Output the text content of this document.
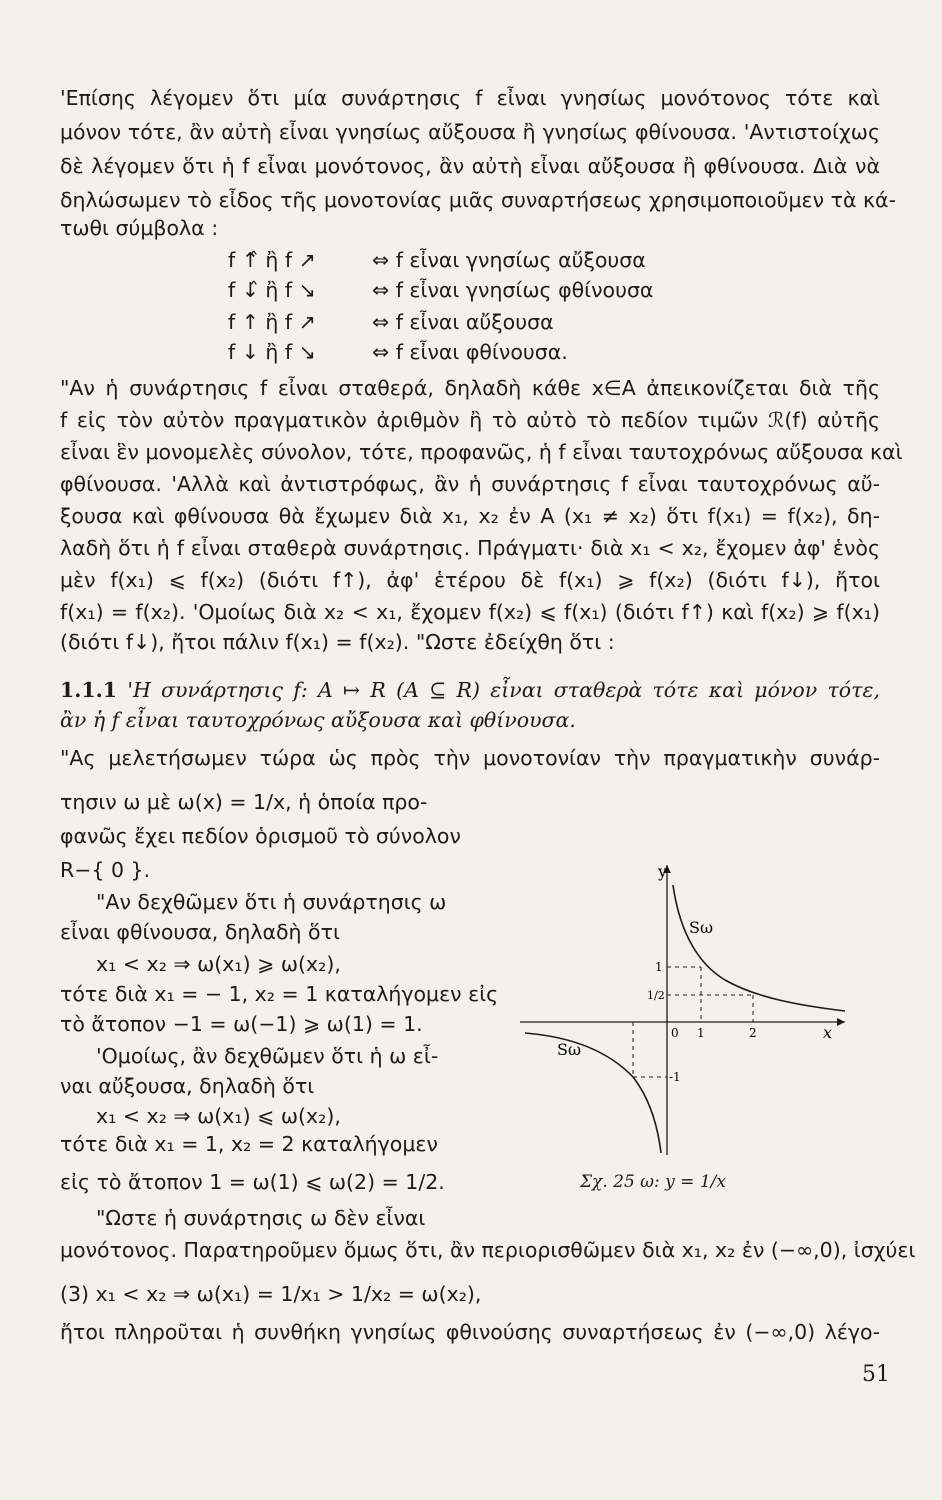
'Επίσης λέγομεν ὅτι μία συνάρτησις f εἶναι γνησίως μονότονος τότε καὶ
μόνον τότε, ἂν αὐτὴ εἶναι γνησίως αὔξουσα ἢ γνησίως φθίνουσα. 'Αντιστοίχως
δὲ λέγομεν ὅτι ἡ f εἶναι μονότονος, ἂν αὐτὴ εἶναι αὔξουσα ἢ φθίνουσα. Διὰ νὰ
δηλώσωμεν τὸ εἶδος τῆς μονοτονίας μιᾶς συναρτήσεως χρησιμοποιοῦμεν τὰ κά-
τωθι σύμβολα :
f ↑̂ ἢ f ↗	⇔ f εἶναι γνησίως αὔξουσα
f ↓̂ ἢ f ↘	⇔ f εἶναι γνησίως φθίνουσα
f ↑ ἢ f ↗	⇔ f εἶναι αὔξουσα
f ↓ ἢ f ↘	⇔ f εἶναι φθίνουσα.
"Αν ἡ συνάρτησις f εἶναι σταθερά, δηλαδὴ κάθε x∈A ἀπεικονίζεται διὰ τῆς
f εἰς τὸν αὐτὸν πραγματικὸν ἀριθμὸν ἢ τὸ αὐτὸ τὸ πεδίον τιμῶν ℛ(f) αὐτῆς
εἶναι ἓν μονομελὲς σύνολον, τότε, προφανῶς, ἡ f εἶναι ταυτοχρόνως αὔξουσα καὶ
φθίνουσα. 'Αλλὰ καὶ ἀντιστρόφως, ἂν ἡ συνάρτησις f εἶναι ταυτοχρόνως αὔ-
ξουσα καὶ φθίνουσα θὰ ἔχωμεν διὰ x₁, x₂ ἐν A (x₁ ≠ x₂) ὅτι f(x₁) = f(x₂), δη-
λαδὴ ὅτι ἡ f εἶναι σταθερὰ συνάρτησις. Πράγματι· διὰ x₁ < x₂, ἔχομεν ἀφ' ἑνὸς
μὲν f(x₁) ⩽ f(x₂) (διότι f↑), ἀφ' ἑτέρου δὲ f(x₁) ⩾ f(x₂) (διότι f↓), ἤτοι
f(x₁) = f(x₂). 'Ομοίως διὰ x₂ < x₁, ἔχομεν f(x₂) ⩽ f(x₁) (διότι f↑) καὶ f(x₂) ⩾ f(x₁)
(διότι f↓), ἤτοι πάλιν f(x₁) = f(x₂). "Ωστε ἐδείχθη ὅτι :
1.1.1 'Η συνάρτησις f: A ↦ R (A ⊆ R) εἶναι σταθερὰ τότε καὶ μόνον τότε,
ἂν ἡ f εἶναι ταυτοχρόνως αὔξουσα καὶ φθίνουσα.
"Ας μελετήσωμεν τώρα ὡς πρὸς τὴν μονοτονίαν τὴν πραγματικὴν συνάρ-
τησιν ω μὲ ω(x) = 1/x, ἡ ὁποία προ-
φανῶς ἔχει πεδίον ὁρισμοῦ τὸ σύνολον
R−{ 0 }.
"Αν δεχθῶμεν ὅτι ἡ συνάρτησις ω
εἶναι φθίνουσα, δηλαδὴ ὅτι
x₁ < x₂ ⇒ ω(x₁) ⩾ ω(x₂),
τότε διὰ x₁ = − 1, x₂ = 1 καταλήγομεν εἰς
τὸ ἄτοπον −1 = ω(−1) ⩾ ω(1) = 1.
'Ομοίως, ἂν δεχθῶμεν ὅτι ἡ ω εἶ-
ναι αὔξουσα, δηλαδὴ ὅτι
x₁ < x₂ ⇒ ω(x₁) ⩽ ω(x₂),
τότε διὰ x₁ = 1, x₂ = 2 καταλήγομεν
εἰς τὸ ἄτοπον 1 = ω(1) ⩽ ω(2) = 1/2.
"Ωστε ἡ συνάρτησις ω δὲν εἶναι
μονότονος. Παρατηροῦμεν ὅμως ὅτι, ἂν περιορισθῶμεν διὰ x₁, x₂ ἐν (−∞,0), ἰσχύει
(3) x₁ < x₂ ⇒ ω(x₁) = 1/x₁ > 1/x₂ = ω(x₂),
ἤτοι πληροῦται ἡ συνθήκη γνησίως φθινούσης συναρτήσεως ἐν (−∞,0) λέγο-
y
x
Sω
Sω
0 1	2
1
1/2
-1
Σχ. 25 ω: y = 1/x
51
